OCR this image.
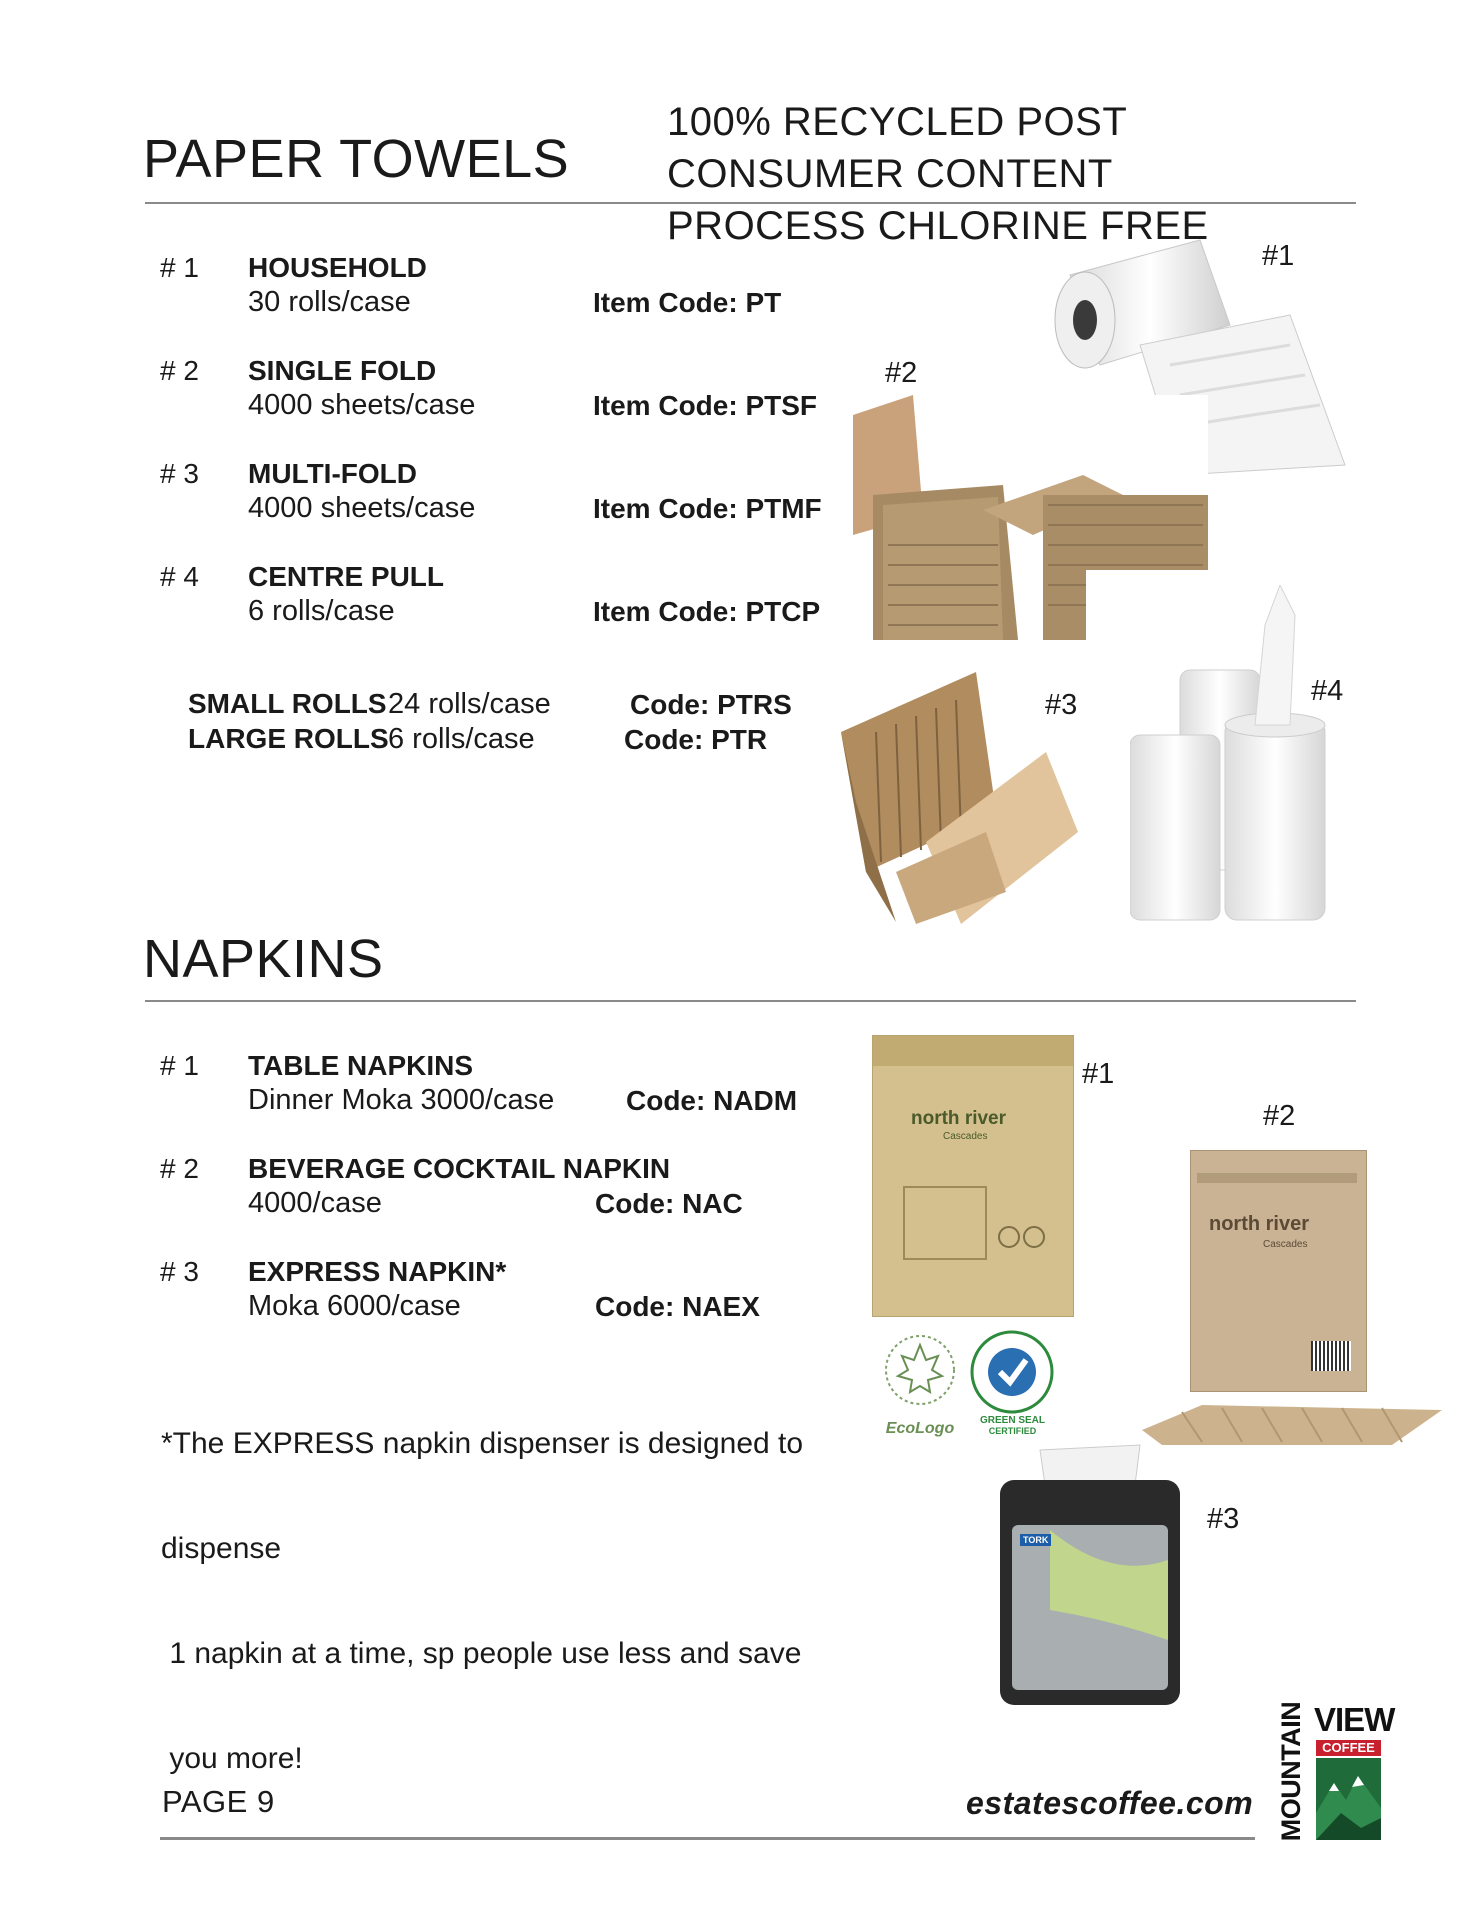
PAPER TOWELS
100% RECYCLED POST
CONSUMER CONTENT
PROCESS CHLORINE FREE
# 1 HOUSEHOLD
30 rolls/case	Item Code: PT
# 2 SINGLE FOLD
4000 sheets/case	Item Code: PTSF
# 3 MULTI-FOLD
4000 sheets/case	Item Code: PTMF
# 4 CENTRE PULL
6 rolls/case	Item Code: PTCP
SMALL ROLLS 24 rolls/case	Code: PTRS
LARGE ROLLS 6 rolls/case	Code: PTR
#1
#2
#3	#4
NAPKINS
# 1 TABLE NAPKINS
Dinner Moka 3000/case	Code: NADM
# 2 BEVERAGE COCKTAIL NAPKIN
4000/case	Code: NAC
# 3 EXPRESS NAPKIN*
Moka 6000/case	Code: NAEX

*The EXPRESS napkin dispenser is designed to

dispense

1 napkin at a time, sp people use less and save

you more!

north river
Cascades
#1
EcoLogo	GREEN SEAL
CERTIFIED
#2
north river
Cascades
#3
TORK
PAGE 9	estatescoffee.com MOUNTAIN VIEW
COFFEE
